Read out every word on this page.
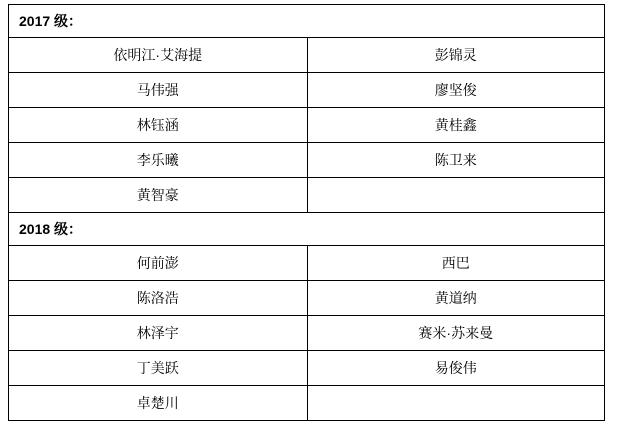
2017 级：	
依明江·艾海提	彭锦灵
马伟强	廖坚俊
林钰涵	黄桂鑫
李乐曦	陈卫来
黄智豪	
2018 级：	
何前澎	西巴
陈洛浩	黄道纳
林泽宇	赛米·苏来曼
丁美跃	易俊伟
卓楚川	
